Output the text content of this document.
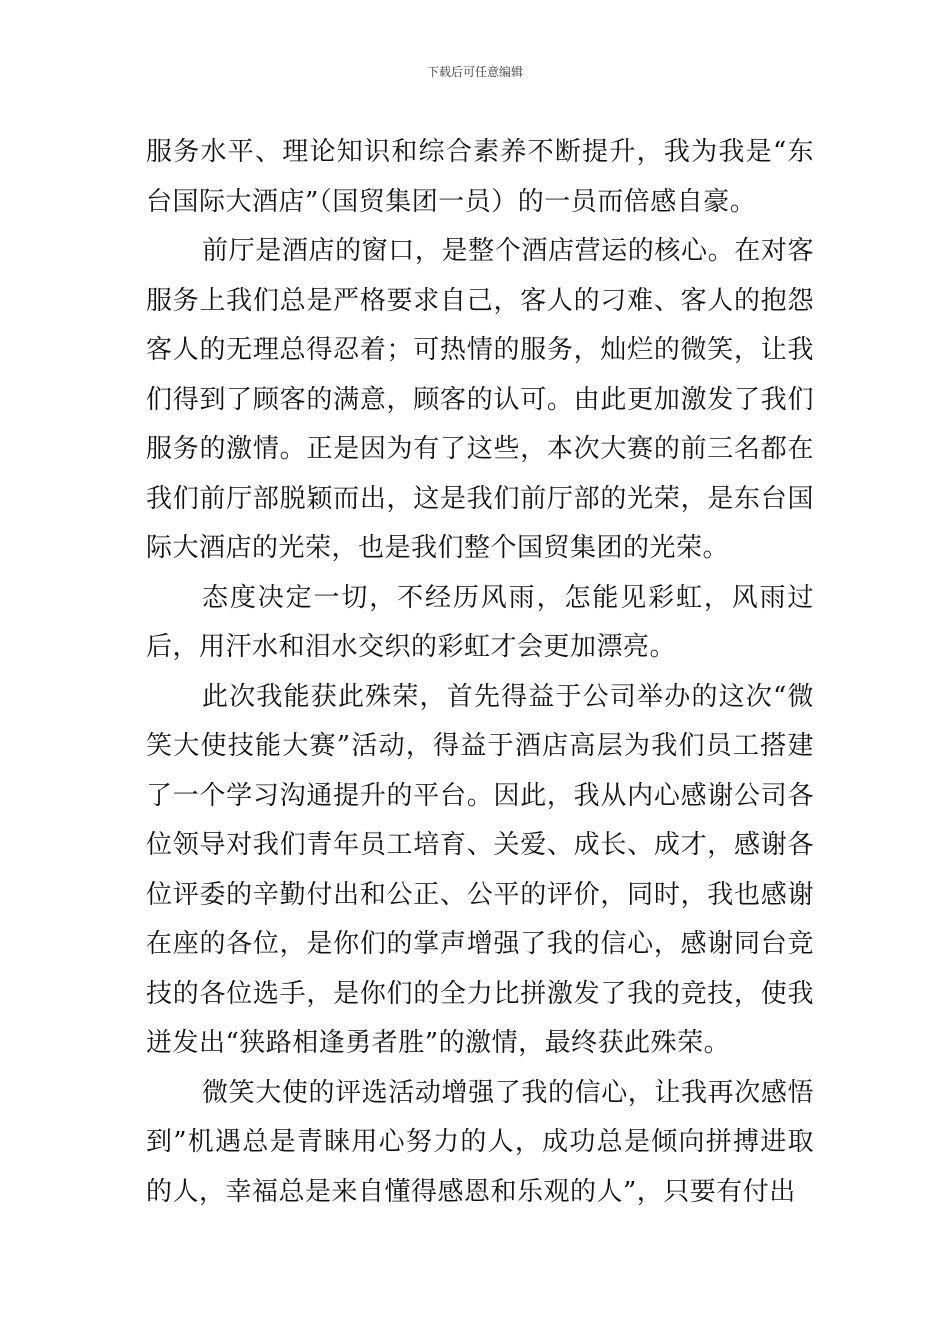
下载后可任意编辑

服务水平、理论知识和综合素养不断提升，我为我是“东台国际大酒店”（国贸集团一员）的一员而倍感自豪。

前厅是酒店的窗口，是整个酒店营运的核心。在对客服务上我们总是严格要求自己，客人的刁难、客人的抱怨客人的无理总得忍着；可热情的服务，灿烂的微笑，让我们得到了顾客的满意，顾客的认可。由此更加激发了我们服务的激情。正是因为有了这些，本次大赛的前三名都在我们前厅部脱颖而出，这是我们前厅部的光荣，是东台国际大酒店的光荣，也是我们整个国贸集团的光荣。

态度决定一切，不经历风雨，怎能见彩虹，风雨过后，用汗水和泪水交织的彩虹才会更加漂亮。

此次我能获此殊荣，首先得益于公司举办的这次“微笑大使技能大赛”活动，得益于酒店高层为我们员工搭建了一个学习沟通提升的平台。因此，我从内心感谢公司各位领导对我们青年员工培育、关爱、成长、成才，感谢各位评委的辛勤付出和公正、公平的评价，同时，我也感谢在座的各位，是你们的掌声增强了我的信心，感谢同台竞技的各位选手，是你们的全力比拼激发了我的竞技，使我迸发出“狭路相逢勇者胜”的激情，最终获此殊荣。

微笑大使的评选活动增强了我的信心，让我再次感悟到”机遇总是青睐用心努力的人，成功总是倾向拼搏进取的人，幸福总是来自懂得感恩和乐观的人”，只要有付出
